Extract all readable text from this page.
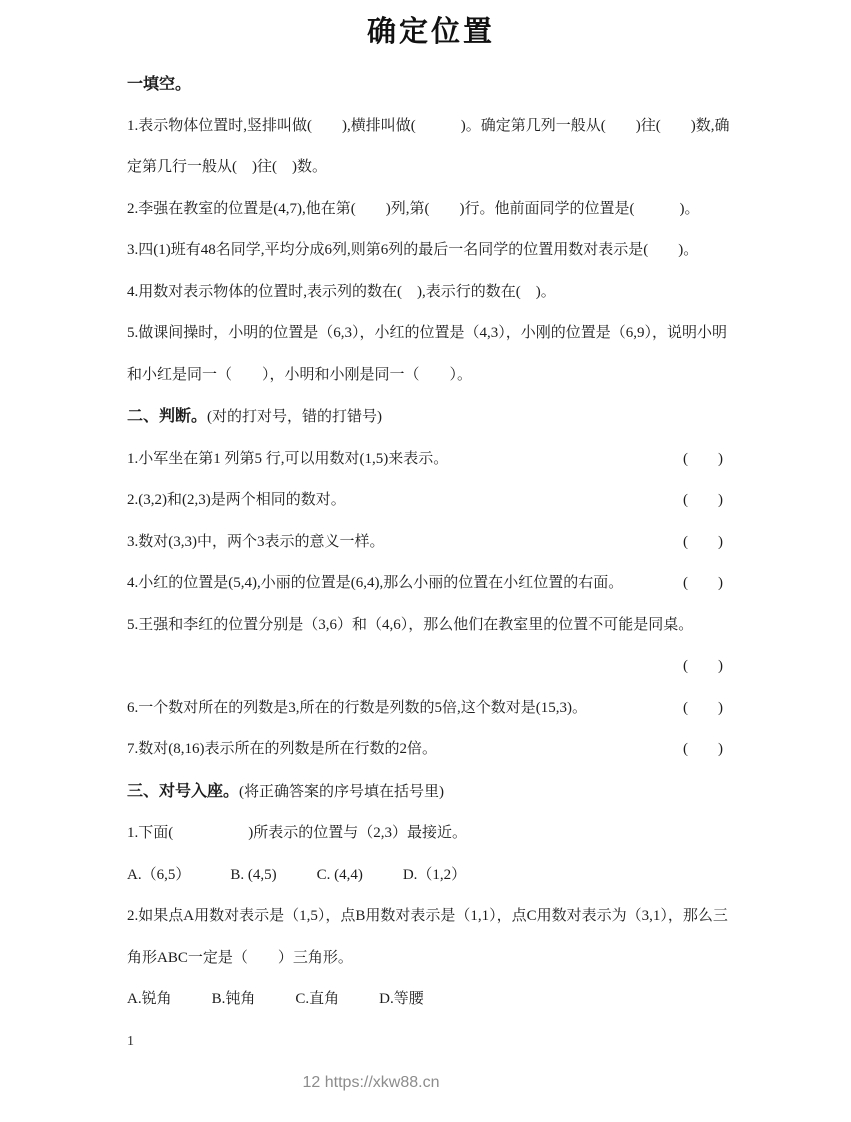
确定位置
一填空。
1.表示物体位置时,竖排叫做(　　),横排叫做(　　　)。确定第几列一般从(　　)往(　　)数,确定第几行一般从(　)往(　)数。
2.李强在教室的位置是(4,7),他在第(　　)列,第(　　)行。他前面同学的位置是(　　　)。
3.四(1)班有48名同学,平均分成6列,则第6列的最后一名同学的位置用数对表示是(　　)。
4.用数对表示物体的位置时,表示列的数在(　),表示行的数在(　)。
5.做课间操时，小明的位置是（6,3），小红的位置是（4,3），小刚的位置是（6,9），说明小明和小红是同一（　　），小明和小刚是同一（　　）。
二、判断。(对的打对号，错的打错号)
1.小军坐在第1 列第5 行,可以用数对(1,5)来表示。	(　　)
2.(3,2)和(2,3)是两个相同的数对。	(　　)
3.数对(3,3)中，两个3表示的意义一样。	(　　)
4.小红的位置是(5,4),小丽的位置是(6,4),那么小丽的位置在小红位置的右面。	(　　)
5.王强和李红的位置分别是（3,6）和（4,6），那么他们在教室里的位置不可能是同桌。
(　　)
6.一个数对所在的列数是3,所在的行数是列数的5倍,这个数对是(15,3)。	(　　)
7.数对(8,16)表示所在的列数是所在行数的2倍。	(　　)
三、对号入座。(将正确答案的序号填在括号里)
1.下面(　　　　　)所表示的位置与（2,3）最接近。
A.（6,5）	B. (4,5)	C. (4,4)	D.（1,2）
2.如果点A用数对表示是（1,5），点B用数对表示是（1,1），点C用数对表示为（3,1），那么三角形ABC一定是（　　）三角形。
A.锐角	B.钝角	C.直角	D.等腰
1
12 https://xkw88.cn
